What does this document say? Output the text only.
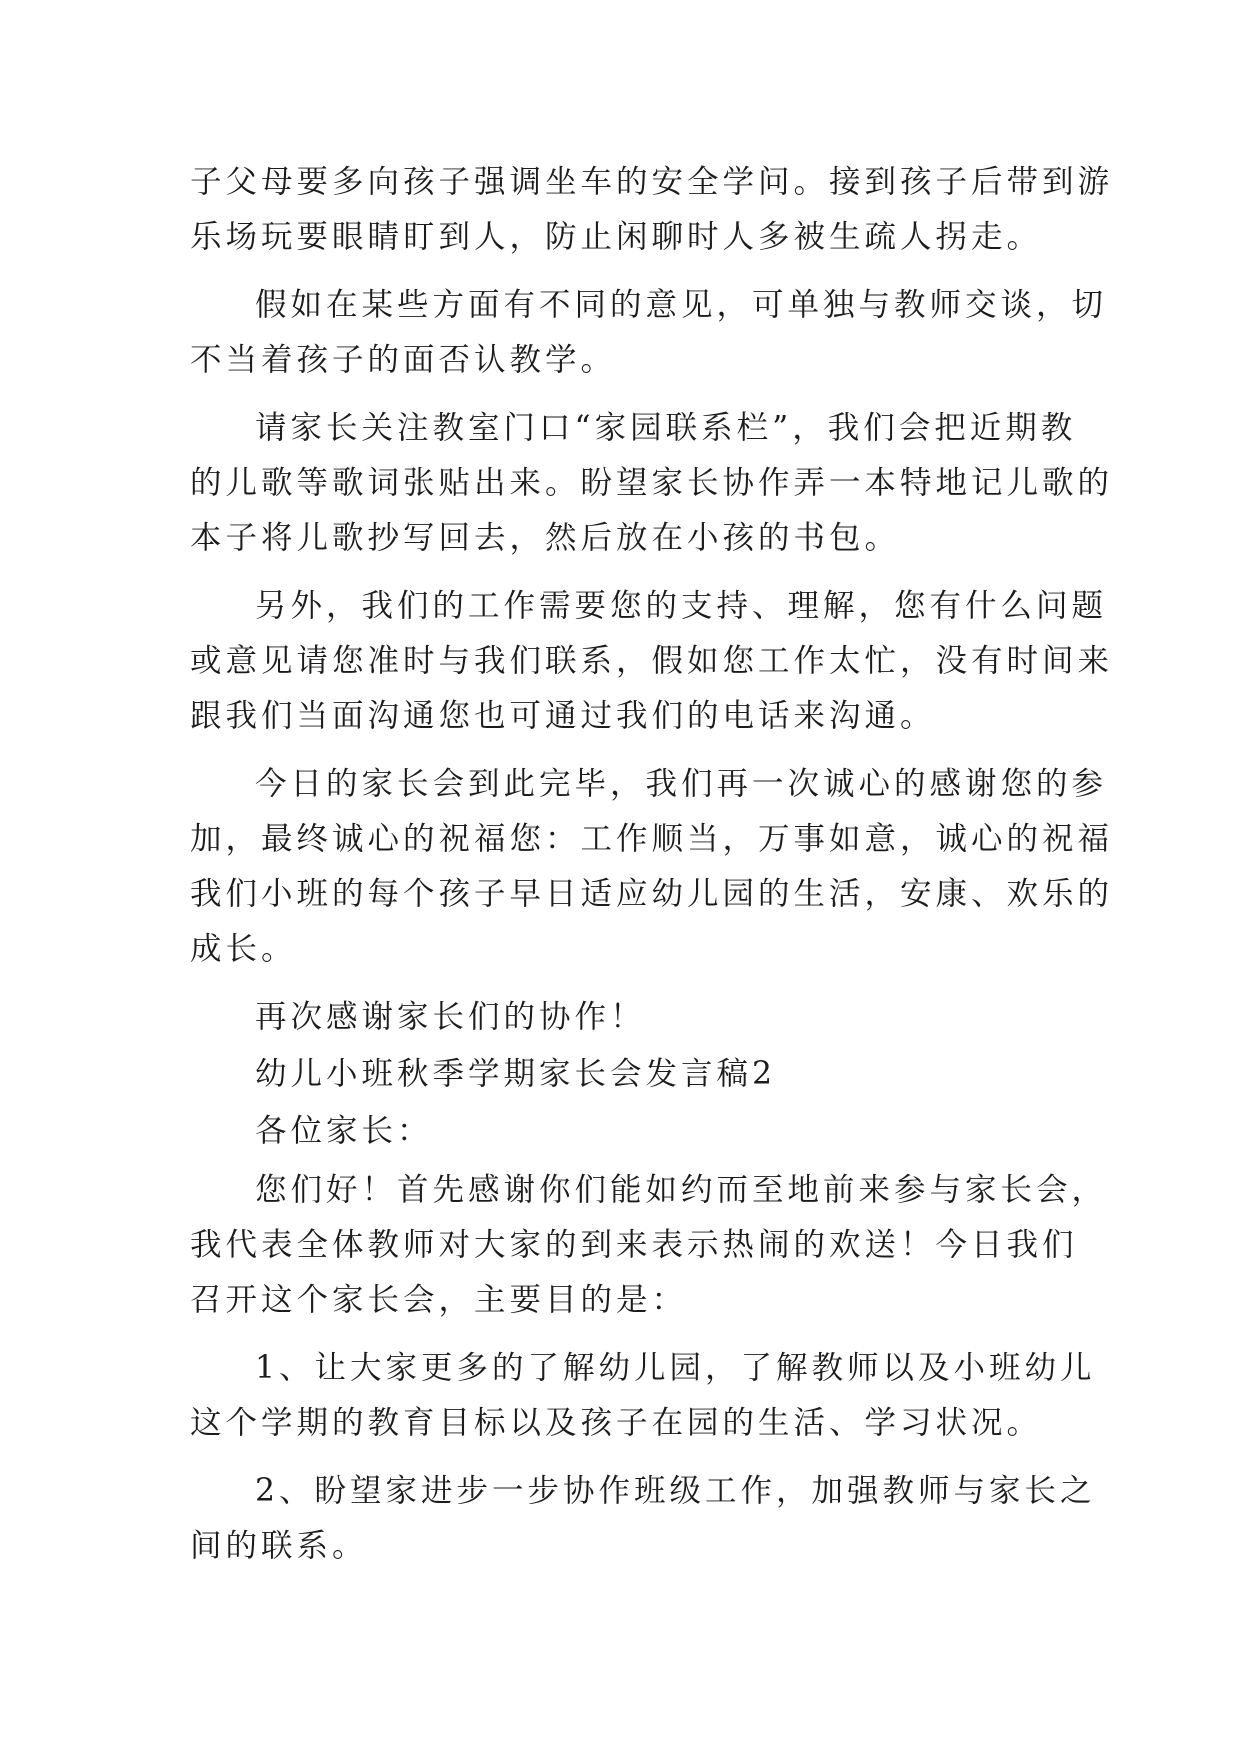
子父母要多向孩子强调坐车的安全学问。接到孩子后带到游
乐场玩要眼睛盯到人，防止闲聊时人多被生疏人拐走。
假如在某些方面有不同的意见，可单独与教师交谈，切
不当着孩子的面否认教学。
请家长关注教室门口“家园联系栏”，我们会把近期教
的儿歌等歌词张贴出来。盼望家长协作弄一本特地记儿歌的
本子将儿歌抄写回去，然后放在小孩的书包。
另外，我们的工作需要您的支持、理解，您有什么问题
或意见请您准时与我们联系，假如您工作太忙，没有时间来
跟我们当面沟通您也可通过我们的电话来沟通。
今日的家长会到此完毕，我们再一次诚心的感谢您的参
加，最终诚心的祝福您：工作顺当，万事如意，诚心的祝福
我们小班的每个孩子早日适应幼儿园的生活，安康、欢乐的
成长。
再次感谢家长们的协作！
幼儿小班秋季学期家长会发言稿2
各位家长：
您们好！首先感谢你们能如约而至地前来参与家长会，
我代表全体教师对大家的到来表示热闹的欢送！今日我们
召开这个家长会，主要目的是：
1、让大家更多的了解幼儿园，了解教师以及小班幼儿
这个学期的教育目标以及孩子在园的生活、学习状况。
2、盼望家进步一步协作班级工作，加强教师与家长之
间的联系。
